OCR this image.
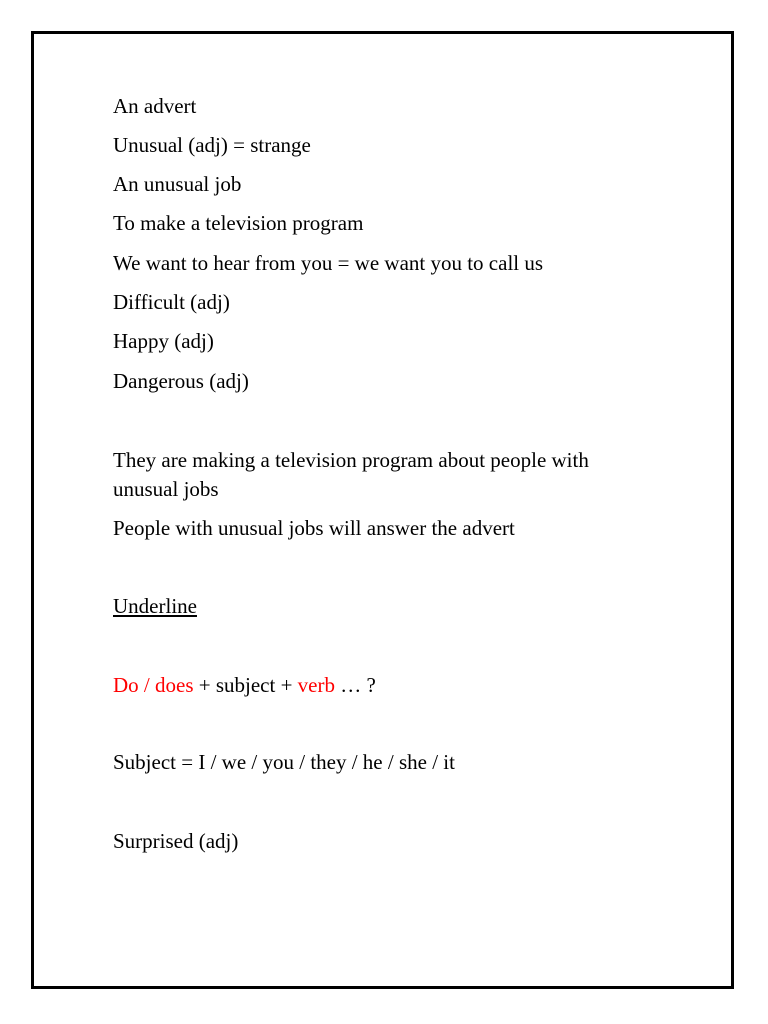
An advert
Unusual (adj) = strange
An unusual job
To make a television program
We want to hear from you = we want you to call us
Difficult (adj)
Happy (adj)
Dangerous (adj)
They are making a television program about people with unusual jobs
People with unusual jobs will answer the advert
Underline
Do / does + subject + verb … ?
Subject = I / we / you / they / he / she / it
Surprised (adj)
